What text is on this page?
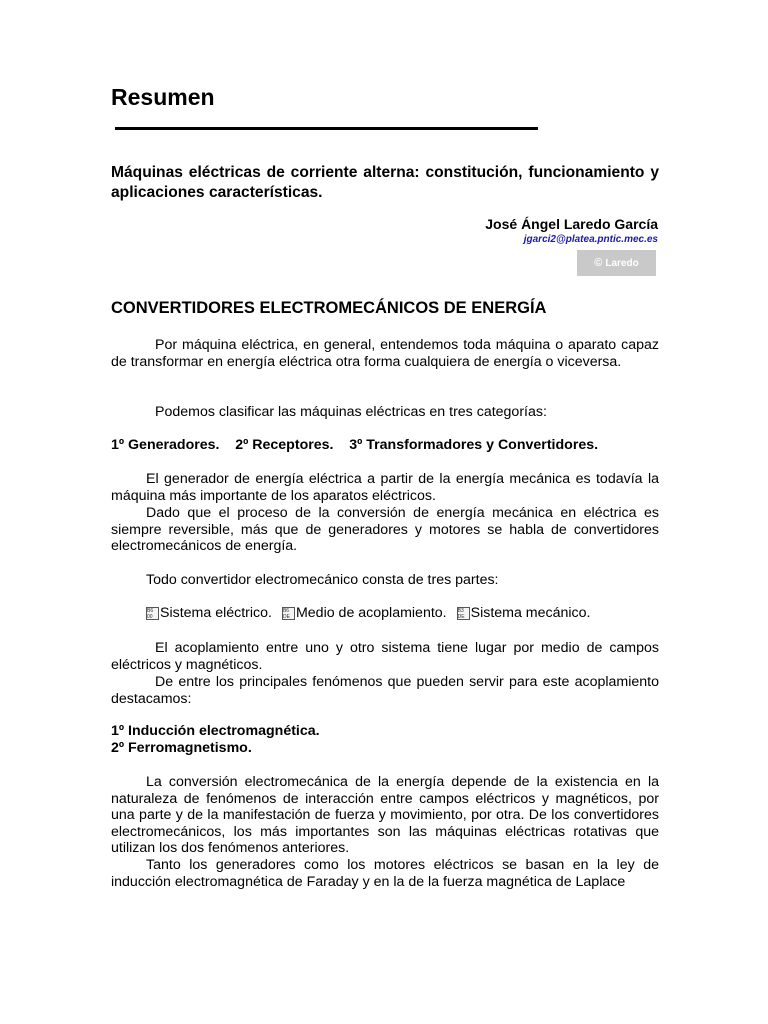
Resumen

Máquinas eléctricas de corriente alterna: constitución, funcionamiento y aplicaciones características.

José Ángel Laredo García

jgarci2@platea.pntic.mec.es

© Laredo
CONVERTIDORES ELECTROMECÁNICOS DE ENERGÍA

Por máquina eléctrica, en general, entendemos toda máquina o aparato capaz de transformar en energía eléctrica otra forma cualquiera de energía o viceversa.

Podemos clasificar las máquinas eléctricas en tres categorías:

1º Generadores.    2º Receptores.    3º Transformadores y Convertidores.

El generador de energía eléctrica a partir de la energía mecánica es todavía la máquina más importante de los aparatos eléctricos.

Dado que el proceso de la conversión de energía mecánica en eléctrica es siempre reversible, más que de generadores y motores se habla de convertidores electromecánicos de energía.

Todo convertidor electromecánico consta de tres partes:

B6
00 Sistema eléctrico. B6
DE Medio de acoplamiento. B3
DE Sistema mecánico.

El acoplamiento entre uno y otro sistema tiene lugar por medio de campos eléctricos y magnéticos.

De entre los principales fenómenos que pueden servir para este acoplamiento destacamos:

1º Inducción electromagnética.

2º Ferromagnetismo.

La conversión electromecánica de la energía depende de la existencia en la naturaleza de fenómenos de interacción entre campos eléctricos y magnéticos, por una parte y de la manifestación de fuerza y movimiento, por otra. De los convertidores electromecánicos, los más importantes son las máquinas eléctricas rotativas que utilizan los dos fenómenos anteriores.

Tanto los generadores como los motores eléctricos se basan en la ley de inducción electromagnética de Faraday y en la de la fuerza magnética de Laplace
